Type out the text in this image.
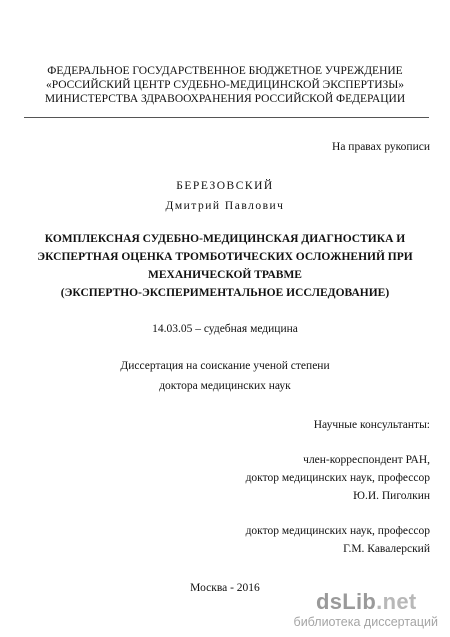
ФЕДЕРАЛЬНОЕ ГОСУДАРСТВЕННОЕ БЮДЖЕТНОЕ УЧРЕЖДЕНИЕ
«РОССИЙСКИЙ ЦЕНТР СУДЕБНО-МЕДИЦИНСКОЙ ЭКСПЕРТИЗЫ»
МИНИСТЕРСТВА ЗДРАВООХРАНЕНИЯ РОССИЙСКОЙ ФЕДЕРАЦИИ
На правах рукописи
БЕРЕЗОВСКИЙ
Дмитрий Павлович
КОМПЛЕКСНАЯ СУДЕБНО-МЕДИЦИНСКАЯ ДИАГНОСТИКА И
ЭКСПЕРТНАЯ ОЦЕНКА ТРОМБОТИЧЕСКИХ ОСЛОЖНЕНИЙ ПРИ
МЕХАНИЧЕСКОЙ ТРАВМЕ
(ЭКСПЕРТНО-ЭКСПЕРИМЕНТАЛЬНОЕ ИССЛЕДОВАНИЕ)
14.03.05 – судебная медицина
Диссертация на соискание ученой степени
доктора медицинских наук
Научные консультанты:
член-корреспондент РАН,
доктор медицинских наук, профессор
Ю.И. Пиголкин
доктор медицинских наук, профессор
Г.М. Кавалерский
Москва - 2016
dsLib.net
библиотека диссертаций
